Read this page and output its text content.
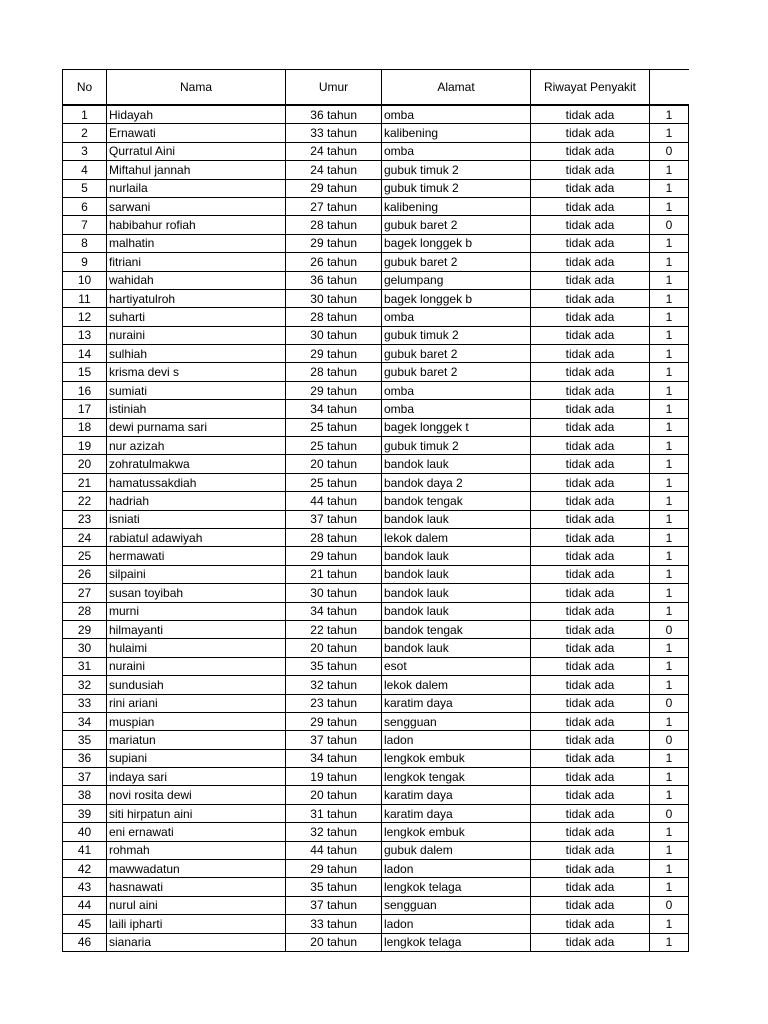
No	Nama	Umur	Alamat	Riwayat Penyakit	
1	Hidayah	36 tahun	omba	tidak ada	1
2	Ernawati	33 tahun	kalibening	tidak ada	1
3	Qurratul Aini	24 tahun	omba	tidak ada	0
4	Miftahul jannah	24 tahun	gubuk timuk 2	tidak ada	1
5	nurlaila	29 tahun	gubuk timuk 2	tidak ada	1
6	sarwani	27 tahun	kalibening	tidak ada	1
7	habibahur rofiah	28 tahun	gubuk baret 2	tidak ada	0
8	malhatin	29 tahun	bagek longgek b	tidak ada	1
9	fitriani	26 tahun	gubuk baret 2	tidak ada	1
10	wahidah	36 tahun	gelumpang	tidak ada	1
11	hartiyatulroh	30 tahun	bagek longgek b	tidak ada	1
12	suharti	28 tahun	omba	tidak ada	1
13	nuraini	30 tahun	gubuk timuk 2	tidak ada	1
14	sulhiah	29 tahun	gubuk baret 2	tidak ada	1
15	krisma devi s	28 tahun	gubuk baret 2	tidak ada	1
16	sumiati	29 tahun	omba	tidak ada	1
17	istiniah	34 tahun	omba	tidak ada	1
18	dewi purnama sari	25 tahun	bagek longgek t	tidak ada	1
19	nur azizah	25 tahun	gubuk timuk 2	tidak ada	1
20	zohratulmakwa	20 tahun	bandok lauk	tidak ada	1
21	hamatussakdiah	25 tahun	bandok daya 2	tidak ada	1
22	hadriah	44 tahun	bandok tengak	tidak ada	1
23	isniati	37 tahun	bandok lauk	tidak ada	1
24	rabiatul adawiyah	28 tahun	lekok dalem	tidak ada	1
25	hermawati	29 tahun	bandok lauk	tidak ada	1
26	silpaini	21 tahun	bandok lauk	tidak ada	1
27	susan toyibah	30 tahun	bandok lauk	tidak ada	1
28	murni	34 tahun	bandok lauk	tidak ada	1
29	hilmayanti	22 tahun	bandok tengak	tidak ada	0
30	hulaimi	20 tahun	bandok lauk	tidak ada	1
31	nuraini	35 tahun	esot	tidak ada	1
32	sundusiah	32 tahun	lekok dalem	tidak ada	1
33	rini ariani	23 tahun	karatim daya	tidak ada	0
34	muspian	29 tahun	sengguan	tidak ada	1
35	mariatun	37 tahun	ladon	tidak ada	0
36	supiani	34 tahun	lengkok embuk	tidak ada	1
37	indaya sari	19 tahun	lengkok tengak	tidak ada	1
38	novi rosita dewi	20 tahun	karatim daya	tidak ada	1
39	siti hirpatun aini	31 tahun	karatim daya	tidak ada	0
40	eni ernawati	32 tahun	lengkok embuk	tidak ada	1
41	rohmah	44 tahun	gubuk dalem	tidak ada	1
42	mawwadatun	29 tahun	ladon	tidak ada	1
43	hasnawati	35 tahun	lengkok telaga	tidak ada	1
44	nurul aini	37 tahun	sengguan	tidak ada	0
45	laili ipharti	33 tahun	ladon	tidak ada	1
46	sianaria	20 tahun	lengkok telaga	tidak ada	1
